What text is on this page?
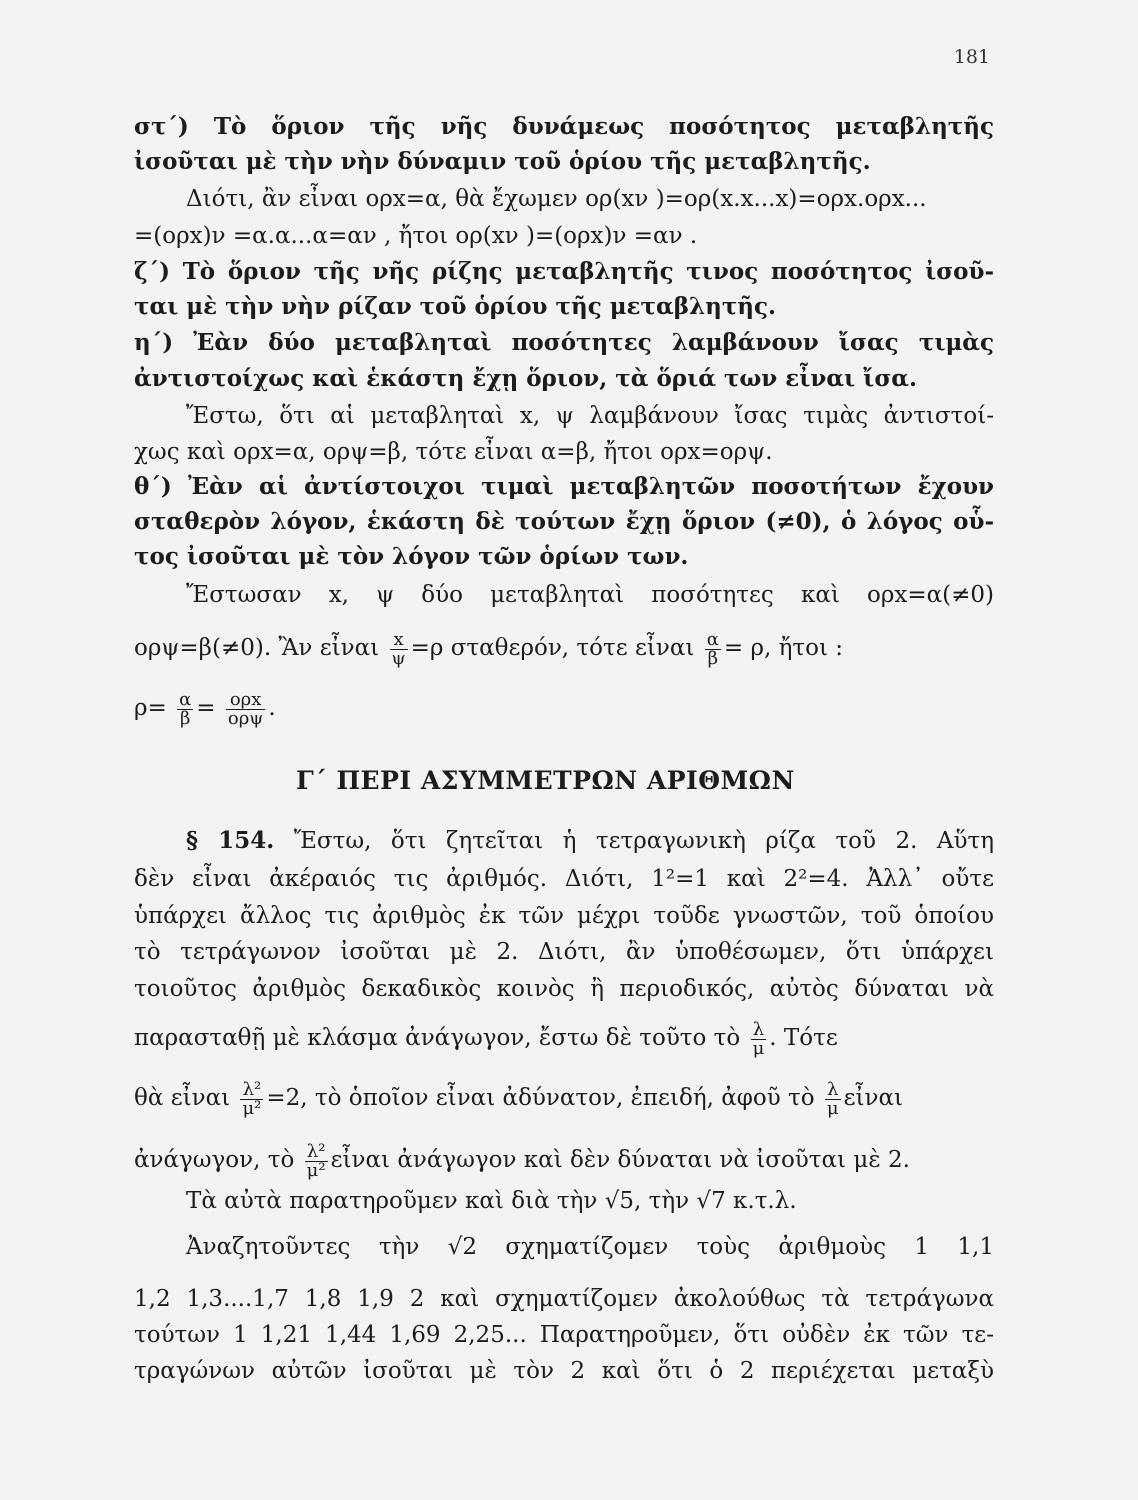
181
στ΄) Τὸ ὅριον τῆς νῆς δυνάμεως ποσότητος μεταβλητῆς
ἰσοῦται μὲ τὴν νὴν δύναμιν τοῦ ὁρίου τῆς μεταβλητῆς.
Διότι, ἂν εἶναι ορx=α, θὰ ἔχωμεν ορ(xν )=ορ(x.x...x)=ορx.ορx...
=(ορx)ν =α.α...α=αν , ἤτοι ορ(xν )=(ορx)ν =αν .
ζ΄) Τὸ ὅριον τῆς νῆς ρίζης μεταβλητῆς τινος ποσότητος ἰσοῦ-
ται μὲ τὴν νὴν ρίζαν τοῦ ὁρίου τῆς μεταβλητῆς.
η΄) Ἐὰν δύο μεταβληταὶ ποσότητες λαμβάνουν ἴσας τιμὰς
ἀντιστοίχως καὶ ἑκάστη ἔχῃ ὅριον, τὰ ὅριά των εἶναι ἴσα.
Ἔστω, ὅτι αἱ μεταβληταὶ x, ψ λαμβάνουν ἴσας τιμὰς ἀντιστοί-
χως καὶ ορx=α, ορψ=β, τότε εἶναι α=β, ἤτοι ορx=ορψ.
θ΄) Ἐὰν αἱ ἀντίστοιχοι τιμαὶ μεταβλητῶν ποσοτήτων ἔχουν
σταθερὸν λόγον, ἑκάστη δὲ τούτων ἔχῃ ὅριον (≠0), ὁ λόγος οὗ-
τος ἰσοῦται μὲ τὸν λόγον τῶν ὁρίων των.
Ἔστωσαν x, ψ δύο μεταβληταὶ ποσότητες καὶ ορx=α(≠0)
ορψ=β(≠0). Ἂν εἶναι $\frac{x}{\psi} =\rho$ σταθερόν, τότε εἶναι $\frac{\alpha}{\beta} = \rho$, ἤτοι :
$\rho= \frac{\alpha}{\beta} = \frac{\text{ορx}}{\text{ορψ}}$ .
Γ΄ ΠΕΡΙ ΑΣΥΜΜΕΤΡΩΝ ΑΡΙΘΜΩΝ
§ 154. Ἔστω, ὅτι ζητεῖται ἡ τετραγωνικὴ ρίζα τοῦ 2. Αὕτη
δὲν εἶναι ἀκέραιός τις ἀριθμός. Διότι, 1²=1 καὶ 2²=4. Ἀλλ᾽ οὔτε
ὑπάρχει ἄλλος τις ἀριθμὸς ἐκ τῶν μέχρι τοῦδε γνωστῶν, τοῦ ὁποίου
τὸ τετράγωνον ἰσοῦται μὲ 2. Διότι, ἂν ὑποθέσωμεν, ὅτι ὑπάρχει
τοιοῦτος ἀριθμὸς δεκαδικὸς κοινὸς ἢ περιοδικός, αὐτὸς δύναται νὰ
παρασταθῇ μὲ κλάσμα ἀνάγωγον, ἔστω δὲ τοῦτο τὸ $\frac{\lambda}{\mu}$ . Τότε
θὰ εἶναι $\frac{\text{λ²}}{\text{μ²}} =2$, τὸ ὁποῖον εἶναι ἀδύνατον, ἐπειδή, ἀφοῦ τὸ $\frac{\lambda}{\mu}$ εἶναι
ἀνάγωγον, τὸ $\frac{\text{λ²}}{\text{μ²}}$ εἶναι ἀνάγωγον καὶ δὲν δύναται νὰ ἰσοῦται μὲ 2.
Τὰ αὐτὰ παρατηροῦμεν καὶ διὰ τὴν √5, τὴν √7 κ.τ.λ.
Ἀναζητοῦντες τὴν √2 σχηματίζομεν τοὺς ἀριθμοὺς 1 1,1
1,2 1,3....1,7 1,8 1,9 2 καὶ σχηματίζομεν ἀκολούθως τὰ τετράγωνα
τούτων 1 1,21 1,44 1,69 2,25... Παρατηροῦμεν, ὅτι οὐδὲν ἐκ τῶν τε-
τραγώνων αὐτῶν ἰσοῦται μὲ τὸν 2 καὶ ὅτι ὁ 2 περιέχεται μεταξὺ
